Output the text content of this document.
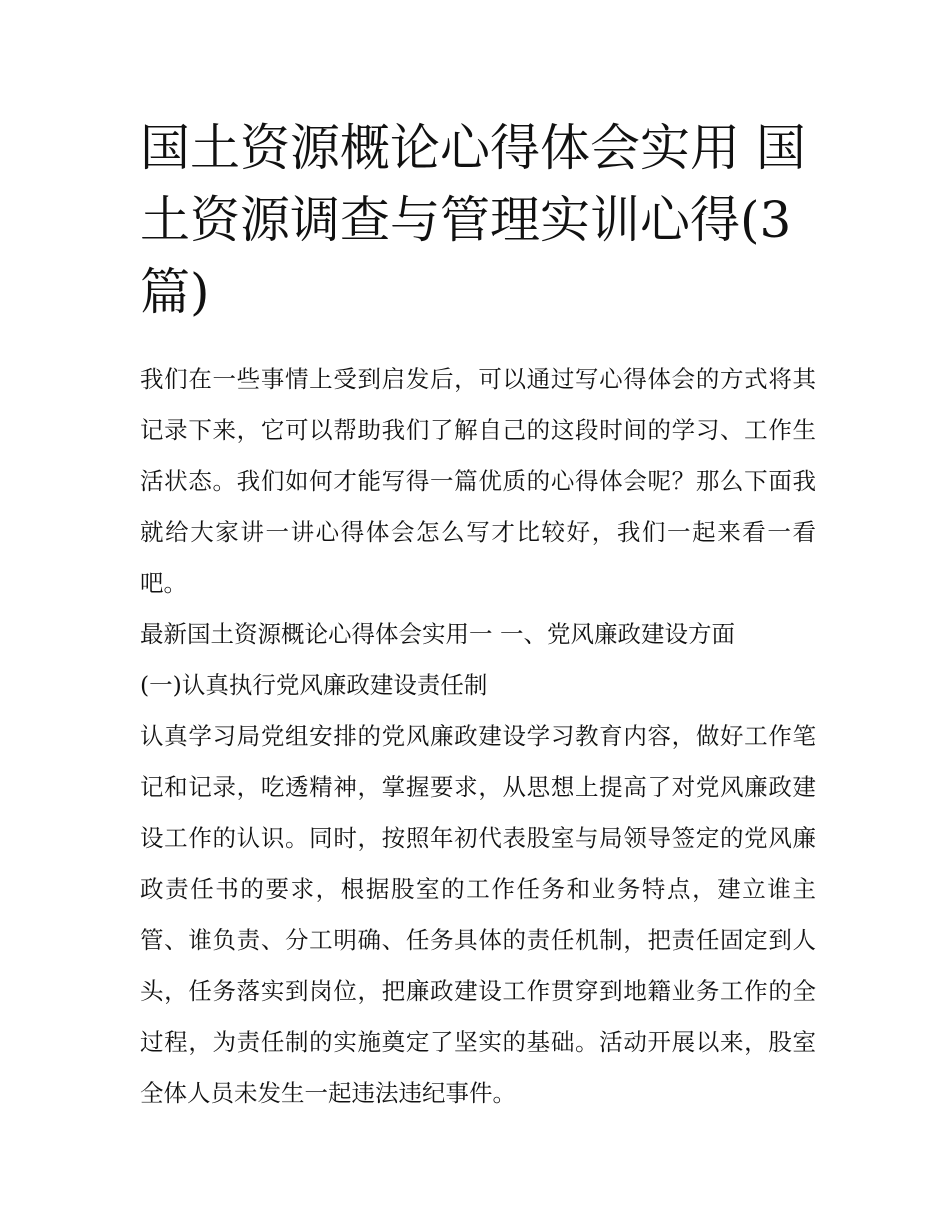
国土资源概论心得体会实用 国土资源调查与管理实训心得(3篇)

我们在一些事情上受到启发后，可以通过写心得体会的方式将其记录下来，它可以帮助我们了解自己的这段时间的学习、工作生活状态。我们如何才能写得一篇优质的心得体会呢？那么下面我就给大家讲一讲心得体会怎么写才比较好，我们一起来看一看吧。

最新国土资源概论心得体会实用一 一、党风廉政建设方面

(一)认真执行党风廉政建设责任制

认真学习局党组安排的党风廉政建设学习教育内容，做好工作笔记和记录，吃透精神，掌握要求，从思想上提高了对党风廉政建设工作的认识。同时，按照年初代表股室与局领导签定的党风廉政责任书的要求，根据股室的工作任务和业务特点，建立谁主管、谁负责、分工明确、任务具体的责任机制，把责任固定到人头，任务落实到岗位，把廉政建设工作贯穿到地籍业务工作的全过程，为责任制的实施奠定了坚实的基础。活动开展以来，股室全体人员未发生一起违法违纪事件。
